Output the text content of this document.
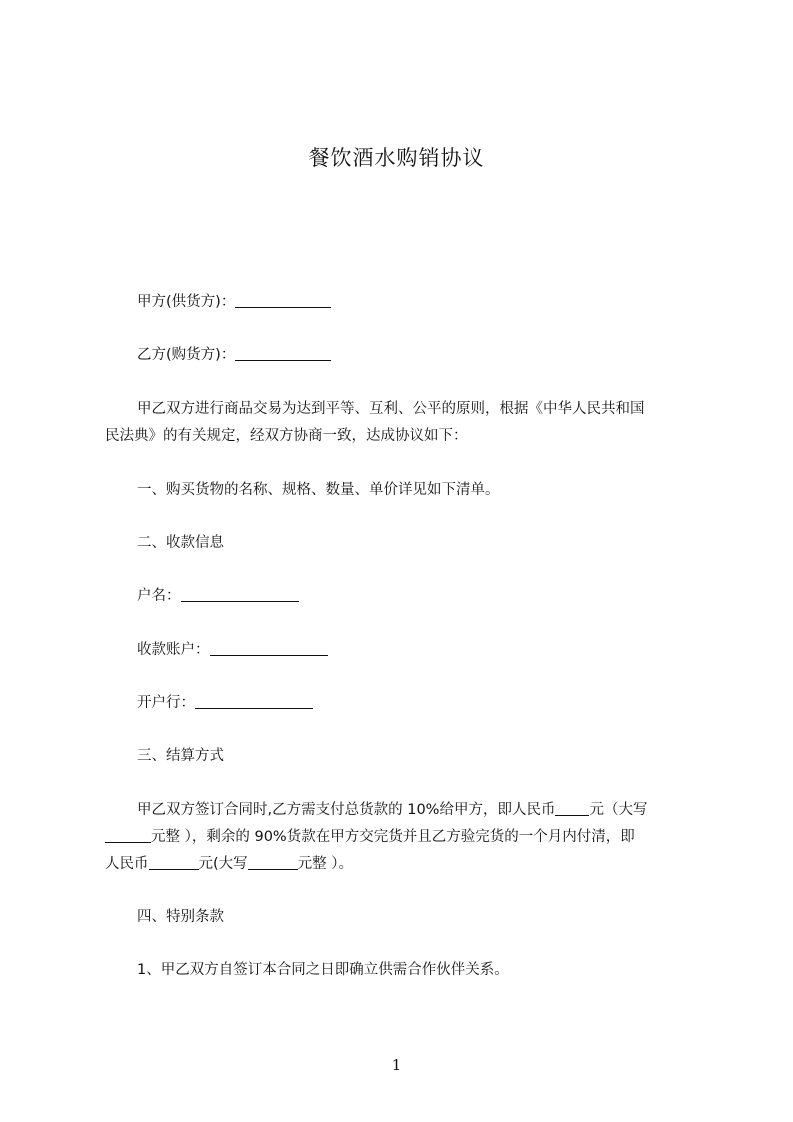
餐饮酒水购销协议
甲方(供货方)：
乙方(购货方)：
甲乙双方进行商品交易为达到平等、互利、公平的原则，根据《中华人民共和国
民法典》的有关规定，经双方协商一致，达成协议如下：
一、购买货物的名称、规格、数量、单价详见如下清单。
二、收款信息
户名：
收款账户：
开户行：
三、结算方式
甲乙双方签订合同时,乙方需支付总货款的 10%给甲方，即人民币 元（大写
元整 ），剩余的 90%货款在甲方交完货并且乙方验完货的一个月内付清，即
人民币	元(大写	元整 ）。
四、特别条款
1、甲乙双方自签订本合同之日即确立供需合作伙伴关系。
1
